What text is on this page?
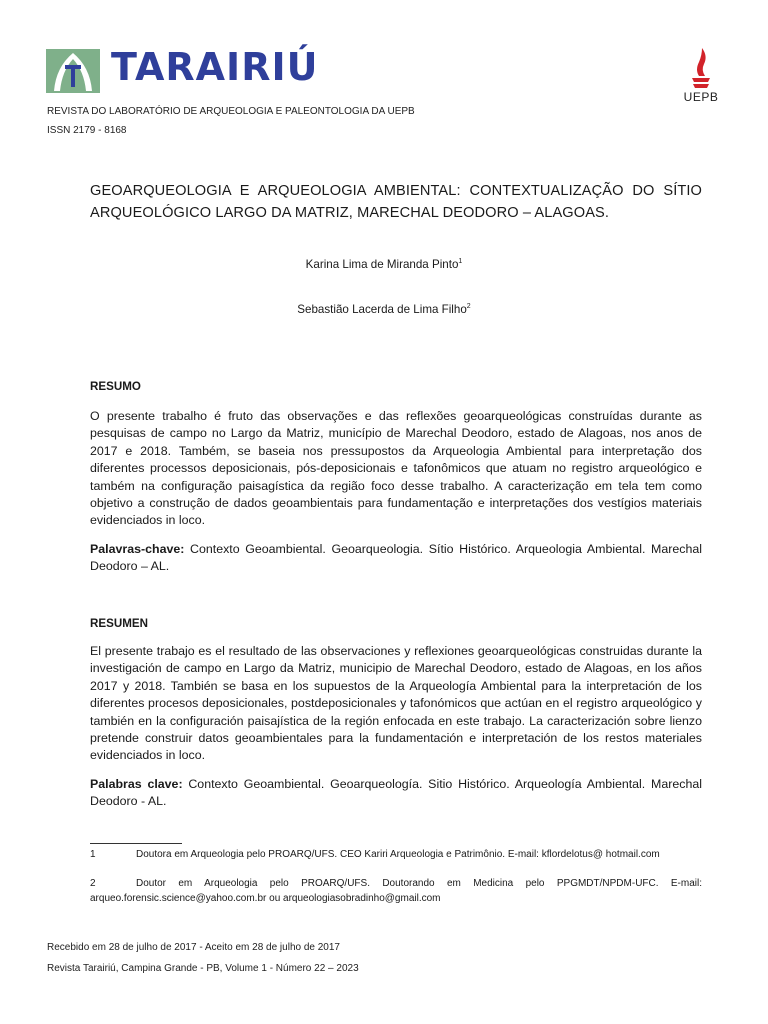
TARAIRIÚ
UEPB
REVISTA DO LABORATÓRIO DE ARQUEOLOGIA E PALEONTOLOGIA DA UEPB
ISSN 2179 - 8168
GEOARQUEOLOGIA E ARQUEOLOGIA AMBIENTAL: CONTEXTUALIZAÇÃO DO SÍTIO ARQUEOLÓGICO LARGO DA MATRIZ, MARECHAL DEODORO – ALAGOAS.
Karina Lima de Miranda Pinto$^1$
Sebastião Lacerda de Lima Filho$^2$
RESUMO
O presente trabalho é fruto das observações e das reflexões geoarqueológicas construídas durante as pesquisas de campo no Largo da Matriz, município de Marechal Deodoro, estado de Alagoas, nos anos de 2017 e 2018. Também, se baseia nos pressupostos da Arqueologia Ambiental para interpretação dos diferentes processos deposicionais, pós-deposicionais e tafonômicos que atuam no registro arqueológico e também na configuração paisagística da região foco desse trabalho. A caracterização em tela tem como objetivo a construção de dados geoambientais para fundamentação e interpretações dos vestígios materiais evidenciados in loco.
Palavras-chave: Contexto Geoambiental. Geoarqueologia. Sítio Histórico. Arqueologia Ambiental. Marechal Deodoro – AL.
RESUMEN
El presente trabajo es el resultado de las observaciones y reflexiones geoarqueológicas construidas durante la investigación de campo en Largo da Matriz, municipio de Marechal Deodoro, estado de Alagoas, en los años 2017 y 2018. También se basa en los supuestos de la Arqueología Ambiental para la interpretación de los diferentes procesos deposicionales, postdeposicionales y tafonómicos que actúan en el registro arqueológico y también en la configuración paisajística de la región enfocada en este trabajo. La caracterización sobre lienzo pretende construir datos geoambientales para la fundamentación e interpretación de los restos materiales evidenciados in loco.
Palabras clave: Contexto Geoambiental. Geoarqueología. Sitio Histórico. Arqueología Ambiental. Marechal Deodoro - AL.
1	Doutora em Arqueologia pelo PROARQ/UFS. CEO Kariri Arqueologia e Patrimônio. E-mail: kflordelotus@ hotmail.com
2	Doutor em Arqueologia pelo PROARQ/UFS. Doutorando em Medicina pelo PPGMDT/NPDM-UFC. E-mail: arqueo.forensic.science@yahoo.com.br ou arqueologiasobradinho@gmail.com
Recebido em 28 de julho de 2017 - Aceito em 28 de julho de 2017
Revista Tarairiú, Campina Grande - PB, Volume 1 - Número 22 – 2023
